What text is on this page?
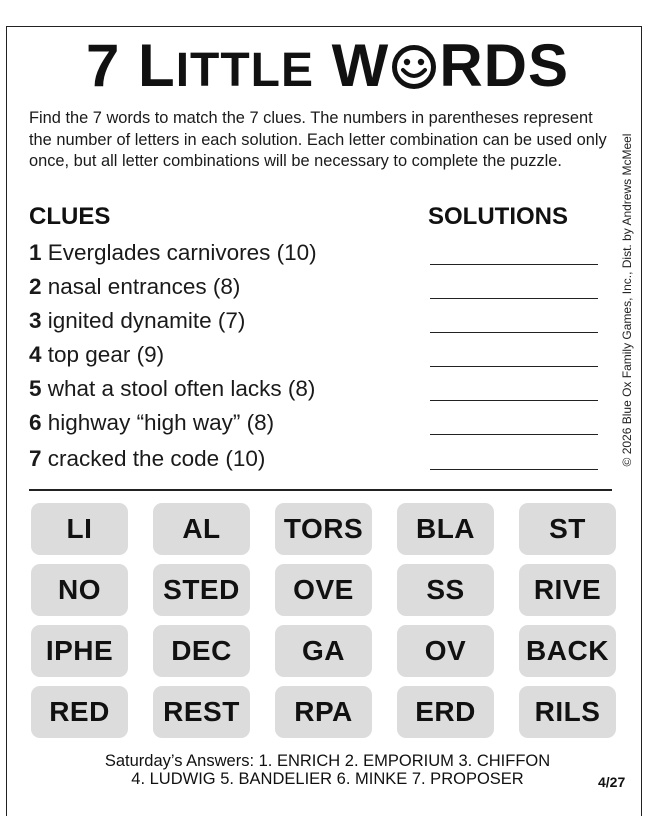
7 LITTLE W RDS
Find the 7 words to match the 7 clues. The numbers in parentheses represent the number of letters in each solution. Each letter combination can be used only once, but all letter combinations will be necessary to complete the puzzle.	© 2026 Blue Ox Family Games, Inc., Dist. by Andrews McMeel
CLUES	SOLUTIONS
1 Everglades carnivores (10)
2 nasal entrances (8)
3 ignited dynamite (7)
4 top gear (9)
5 what a stool often lacks (8)
6 highway “high way” (8)
7 cracked the code (10)
LI	AL	TORS	BLA	ST
NO	STED	OVE	SS	RIVE
IPHE	DEC	GA	OV	BACK
RED	REST	RPA	ERD	RILS
Saturday’s Answers: 1. ENRICH 2. EMPORIUM 3. CHIFFON
4. LUDWIG 5. BANDELIER 6. MINKE 7. PROPOSER	4/27
